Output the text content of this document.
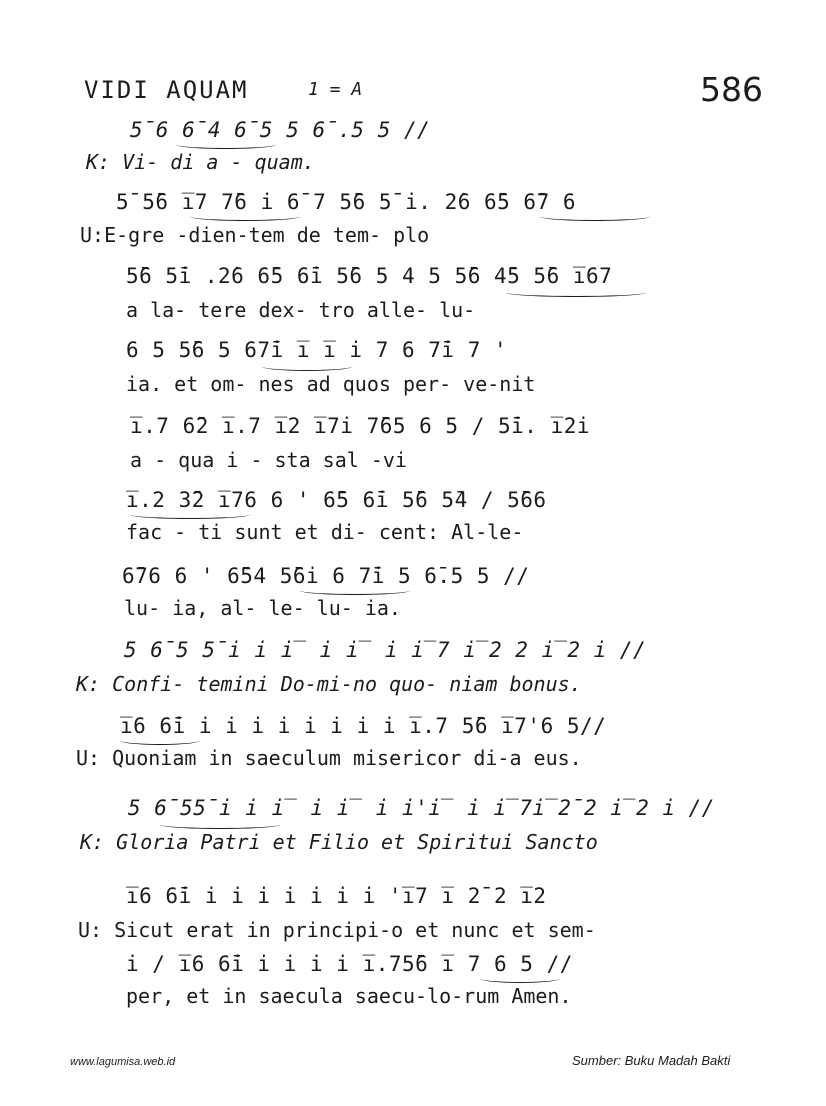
VIDI AQUAM	1 = A	586
5̄6 6̄4 6̄5 5 6̄.5 5 //
K: Vi- di a - quam.
5̄ 5̄6 i̅7 7̄6 i 6̄ 7 5̄6 5̄ i. 2̇6 6̄5 6̄7 6
U:E-gre -dien-tem de tem- plo
5̄6 5̄i .2̇6 6̄5 6̄i 5̄6 5 4 5 5̄6 4̄5 5̄6 i̅67
a la- tere dex- tro alle- lu-
6 5 5̄6 5 67̄i i̅ i̅ i 7 6 7̄i 7 '
ia. et om- nes ad quos per- ve-nit
i̅.7 6̄2 i̅.7 i̅2 i̅7i 7̄65 6 5 / 5̄i. i̅2i
a - qua i - sta sal -vi
i̅.2 3̄2 i̅76 6 ' 6̄5 6̄i 5̄6 5̄4 / 5̄66
fac - ti sunt et di- cent: Al-le-
6̄76 6 ' 6̄54 5̄6i 6 7̄i 5 6̄.5 5 //
lu- ia, al- le- lu- ia.
5 6̄5 5̄i i i̅ i i̅ i i̅7 i̅2 2 i̅2 i //
K: Confi- temini Do-mi-no quo- niam bonus.
i̅6 6̄i i i i i i i i i i̅.7 5̄6 i̅7'6 5//
U: Quoniam in saeculum misericor di-a eus.
5 6̄55̄i i i̅ i i̅ i i'i̅ i i̅7i̅2̄2 i̅2 i //
K: Gloria Patri et Filio et Spiritui Sancto
i̅6 6̄i i i i i i i i 'i̅7 i̅ 2̄ 2 i̅2
U: Sicut erat in principi-o et nunc et sem-
i / i̅6 6̄i i i i i i̅.75̄6 i̅ 7 6 5 //
per, et in saecula saecu-lo-rum Amen.
www.lagumisa.web.id	Sumber: Buku Madah Bakti
